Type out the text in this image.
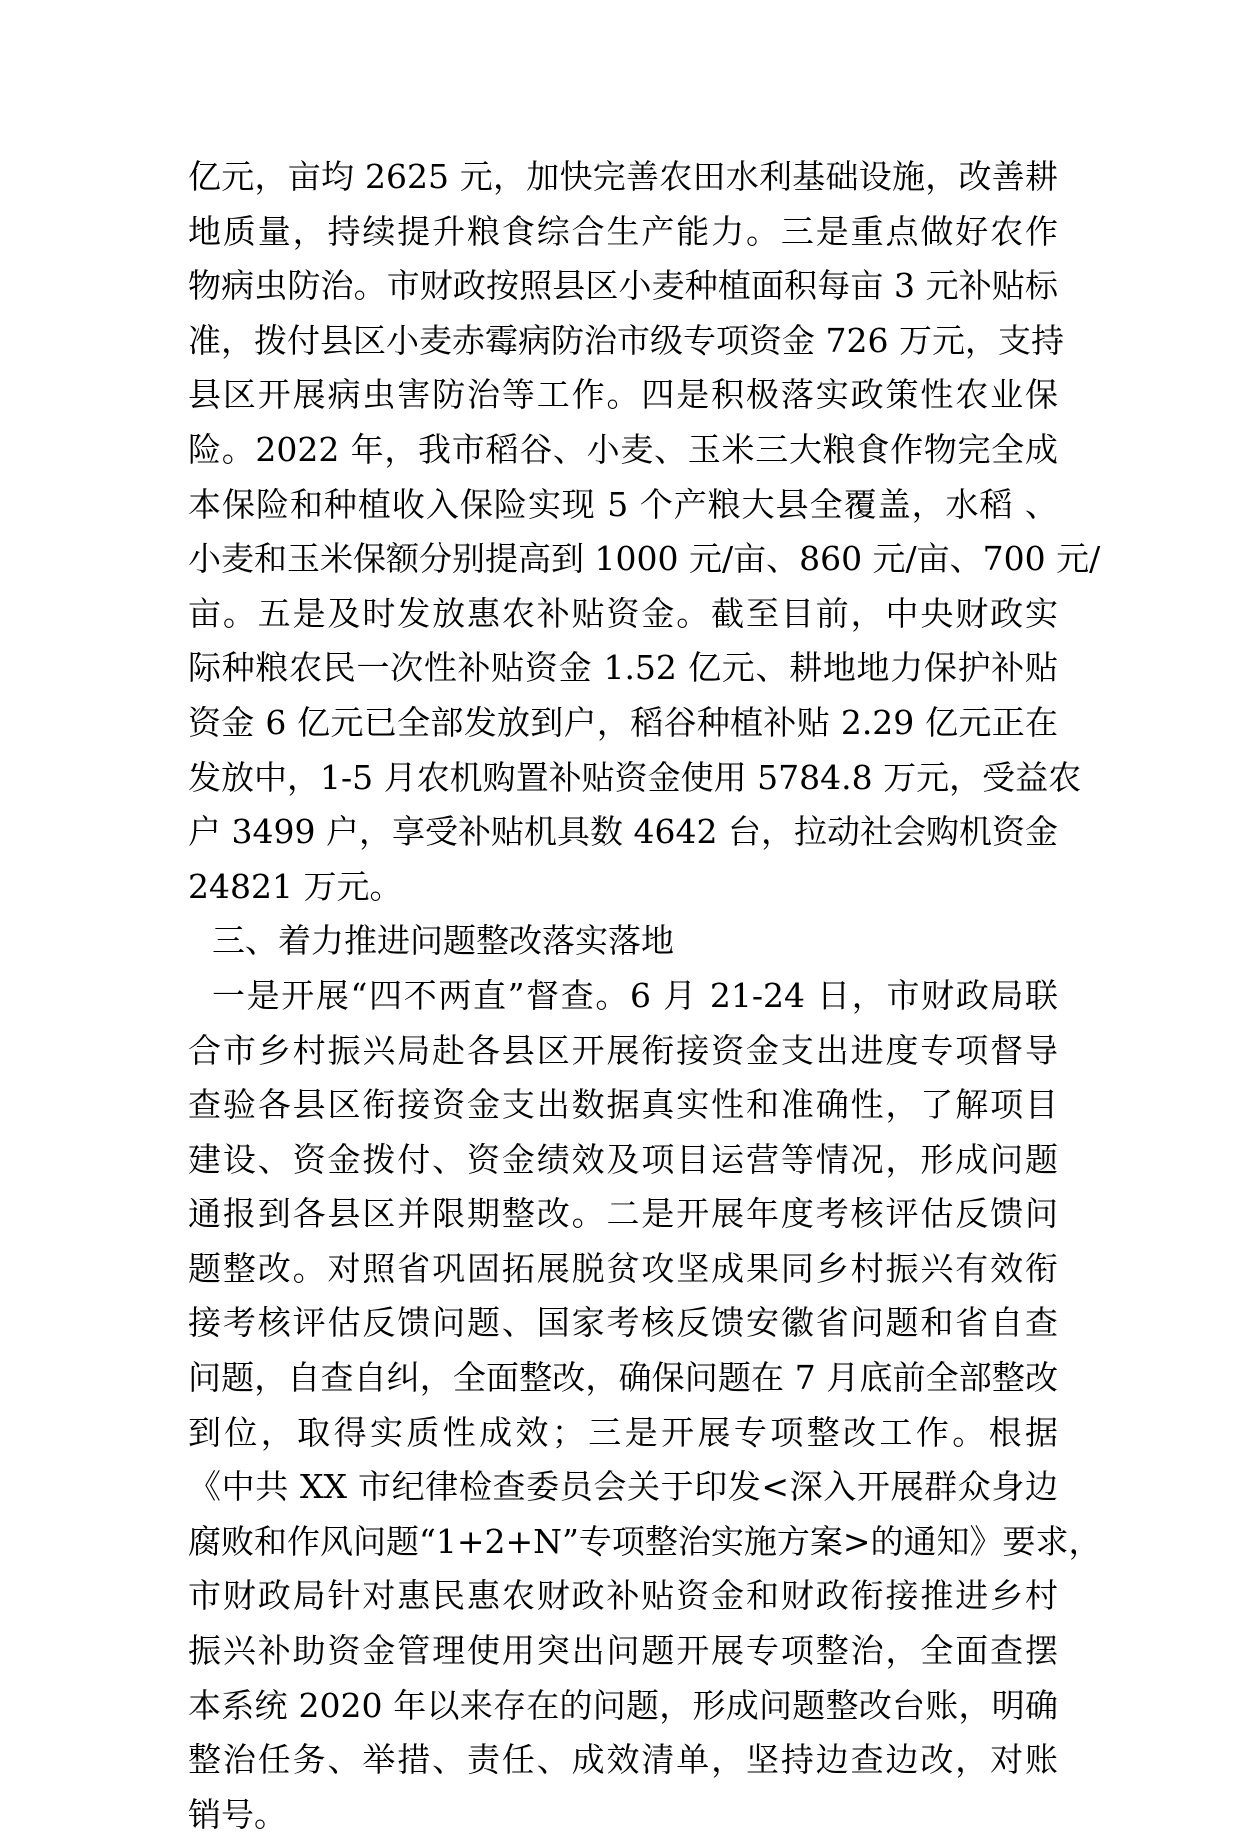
亿元，亩均 2625 元，加快完善农田水利基础设施，改善耕
地质量，持续提升粮食综合生产能力。三是重点做好农作
物病虫防治。市财政按照县区小麦种植面积每亩 3 元补贴标
准，拨付县区小麦赤霉病防治市级专项资金 726 万元，支持
县区开展病虫害防治等工作。四是积极落实政策性农业保
险。2022 年，我市稻谷、小麦、玉米三大粮食作物完全成
本保险和种植收入保险实现 5 个产粮大县全覆盖，水稻 、
小麦和玉米保额分别提高到 1000 元/亩、860 元/亩、700 元/
亩。五是及时发放惠农补贴资金。截至目前，中央财政实
际种粮农民一次性补贴资金 1.52 亿元、耕地地力保护补贴
资金 6 亿元已全部发放到户，稻谷种植补贴 2.29 亿元正在
发放中，1-5 月农机购置补贴资金使用 5784.8 万元，受益农
户 3499 户，享受补贴机具数 4642 台，拉动社会购机资金
24821 万元。
三、着力推进问题整改落实落地
一是开展“四不两直”督查。6 月 21-24 日，市财政局联
合市乡村振兴局赴各县区开展衔接资金支出进度专项督导
查验各县区衔接资金支出数据真实性和准确性，了解项目
建设、资金拨付、资金绩效及项目运营等情况，形成问题
通报到各县区并限期整改。二是开展年度考核评估反馈问
题整改。对照省巩固拓展脱贫攻坚成果同乡村振兴有效衔
接考核评估反馈问题、国家考核反馈安徽省问题和省自查
问题，自查自纠，全面整改，确保问题在 7 月底前全部整改
到位，取得实质性成效；三是开展专项整改工作。根据
《中共 XX 市纪律检查委员会关于印发<深入开展群众身边
腐败和作风问题“1+2+N”专项整治实施方案>的通知》要求，
市财政局针对惠民惠农财政补贴资金和财政衔接推进乡村
振兴补助资金管理使用突出问题开展专项整治，全面查摆
本系统 2020 年以来存在的问题，形成问题整改台账，明确
整治任务、举措、责任、成效清单，坚持边查边改，对账
销号。
